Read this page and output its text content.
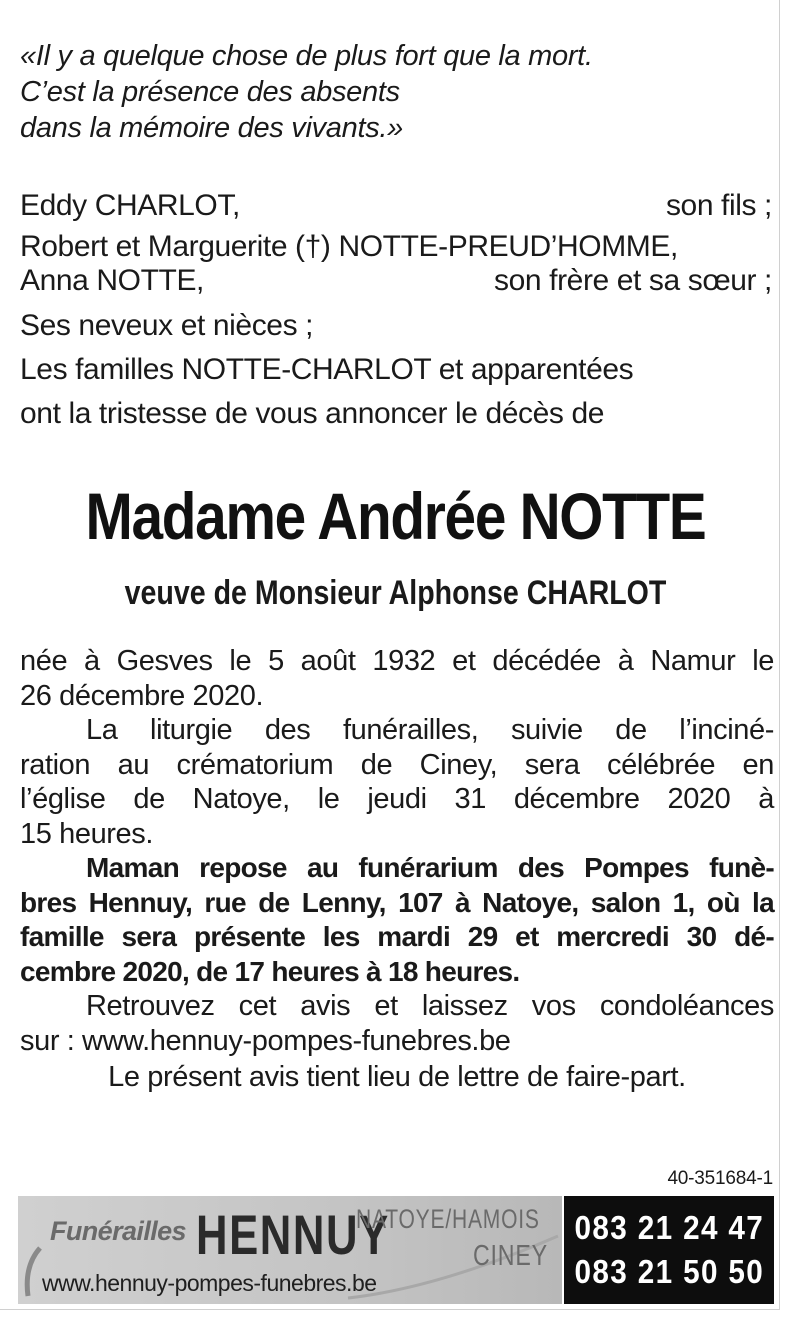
«Il y a quelque chose de plus fort que la mort.
C’est la présence des absents
dans la mémoire des vivants.»
Eddy CHARLOT,	son fils ;
Robert et Marguerite (†) NOTTE-PREUD’HOMME,
Anna NOTTE,	son frère et sa sœur ;
Ses neveux et nièces ;
Les familles NOTTE-CHARLOT et apparentées
ont la tristesse de vous annoncer le décès de
Madame Andrée NOTTE
veuve de Monsieur Alphonse CHARLOT
née à Gesves le 5 août 1932 et décédée à Namur le
26 décembre 2020.
La liturgie des funérailles, suivie de l’inciné-
ration au crématorium de Ciney, sera célébrée en
l’église de Natoye, le jeudi 31 décembre 2020 à
15 heures.
Maman repose au funérarium des Pompes funè-
bres Hennuy, rue de Lenny, 107 à Natoye, salon 1, où la
famille sera présente les mardi 29 et mercredi 30 dé-
cembre 2020, de 17 heures à 18 heures.
Retrouvez cet avis et laissez vos condoléances
sur : www.hennuy-pompes-funebres.be
Le présent avis tient lieu de lettre de faire-part.
40-351684-1
Funérailles HENNUY
NATOYE/HAMOIS
CINEY
www.hennuy-pompes-funebres.be
083 21 24 47
083 21 50 50
